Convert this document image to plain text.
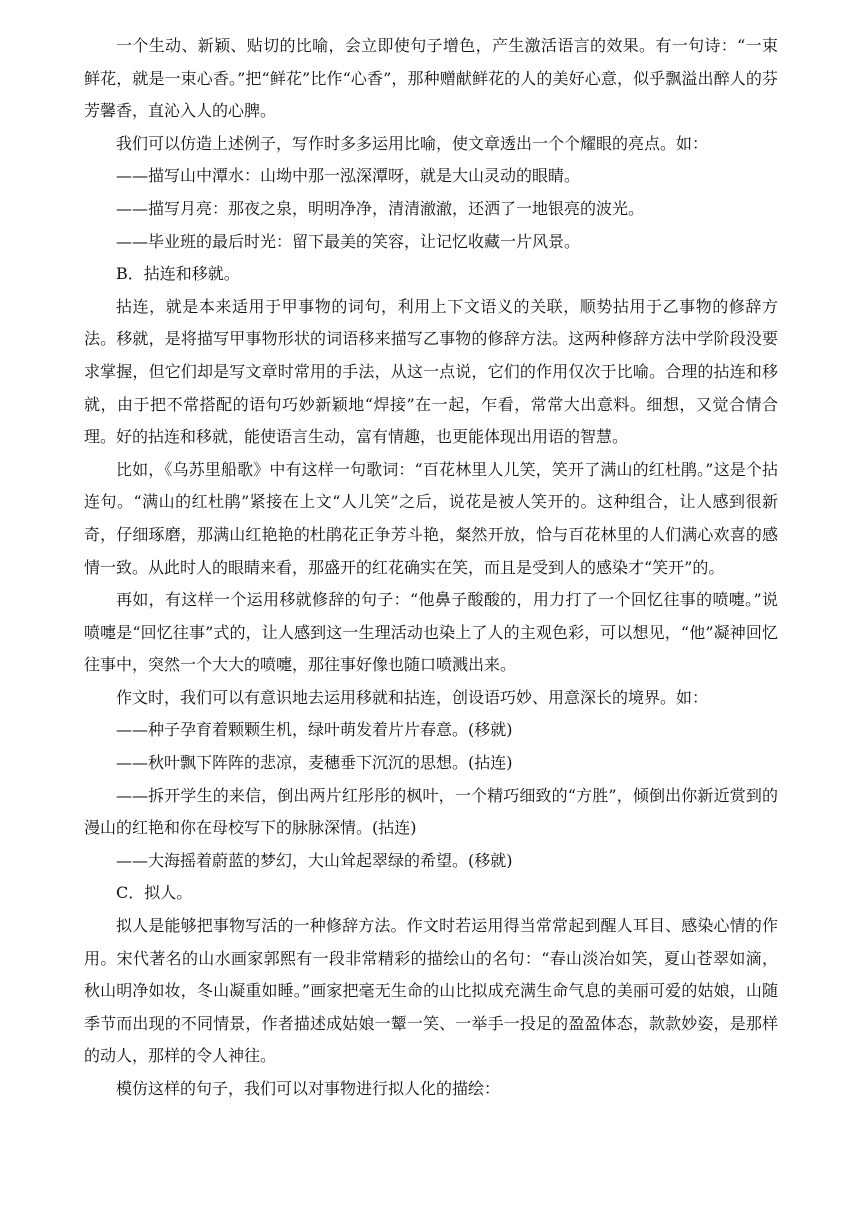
一个生动、新颖、贴切的比喻，会立即使句子增色，产生激活语言的效果。有一句诗：“一束鲜花，就是一束心香。”把“鲜花”比作“心香”，那种赠献鲜花的人的美好心意，似乎飘溢出醉人的芬芳馨香，直沁入人的心脾。

我们可以仿造上述例子，写作时多多运用比喻，使文章透出一个个耀眼的亮点。如：

——描写山中潭水：山坳中那一泓深潭呀，就是大山灵动的眼睛。

——描写月亮：那夜之泉，明明净净，清清澈澈，还洒了一地银亮的波光。

——毕业班的最后时光：留下最美的笑容，让记忆收藏一片风景。

B．拈连和移就。

拈连，就是本来适用于甲事物的词句，利用上下文语义的关联，顺势拈用于乙事物的修辞方法。移就，是将描写甲事物形状的词语移来描写乙事物的修辞方法。这两种修辞方法中学阶段没要求掌握，但它们却是写文章时常用的手法，从这一点说，它们的作用仅次于比喻。合理的拈连和移就，由于把不常搭配的语句巧妙新颖地“焊接”在一起，乍看，常常大出意料。细想，又觉合情合理。好的拈连和移就，能使语言生动，富有情趣，也更能体现出用语的智慧。

比如，《乌苏里船歌》中有这样一句歌词：“百花林里人儿笑，笑开了满山的红杜鹃。”这是个拈连句。“满山的红杜鹃”紧接在上文“人儿笑”之后，说花是被人笑开的。这种组合，让人感到很新奇，仔细琢磨，那满山红艳艳的杜鹃花正争芳斗艳，粲然开放，恰与百花林里的人们满心欢喜的感情一致。从此时人的眼睛来看，那盛开的红花确实在笑，而且是受到人的感染才“笑开”的。

再如，有这样一个运用移就修辞的句子：“他鼻子酸酸的，用力打了一个回忆往事的喷嚏。”说喷嚏是“回忆往事”式的，让人感到这一生理活动也染上了人的主观色彩，可以想见，“他”凝神回忆往事中，突然一个大大的喷嚏，那往事好像也随口喷溅出来。

作文时，我们可以有意识地去运用移就和拈连，创设语巧妙、用意深长的境界。如：

——种子孕育着颗颗生机，绿叶萌发着片片春意。(移就)

——秋叶飘下阵阵的悲凉，麦穗垂下沉沉的思想。(拈连)

——拆开学生的来信，倒出两片红彤彤的枫叶，一个精巧细致的“方胜”，倾倒出你新近赏到的漫山的红艳和你在母校写下的脉脉深情。(拈连)

——大海摇着蔚蓝的梦幻，大山耸起翠绿的希望。(移就)

C．拟人。

拟人是能够把事物写活的一种修辞方法。作文时若运用得当常常起到醒人耳目、感染心情的作用。宋代著名的山水画家郭熙有一段非常精彩的描绘山的名句：“春山淡冶如笑，夏山苍翠如滴，秋山明净如妆，冬山凝重如睡。”画家把毫无生命的山比拟成充满生命气息的美丽可爱的姑娘，山随季节而出现的不同情景，作者描述成姑娘一颦一笑、一举手一投足的盈盈体态，款款妙姿，是那样的动人，那样的令人神往。

模仿这样的句子，我们可以对事物进行拟人化的描绘：
